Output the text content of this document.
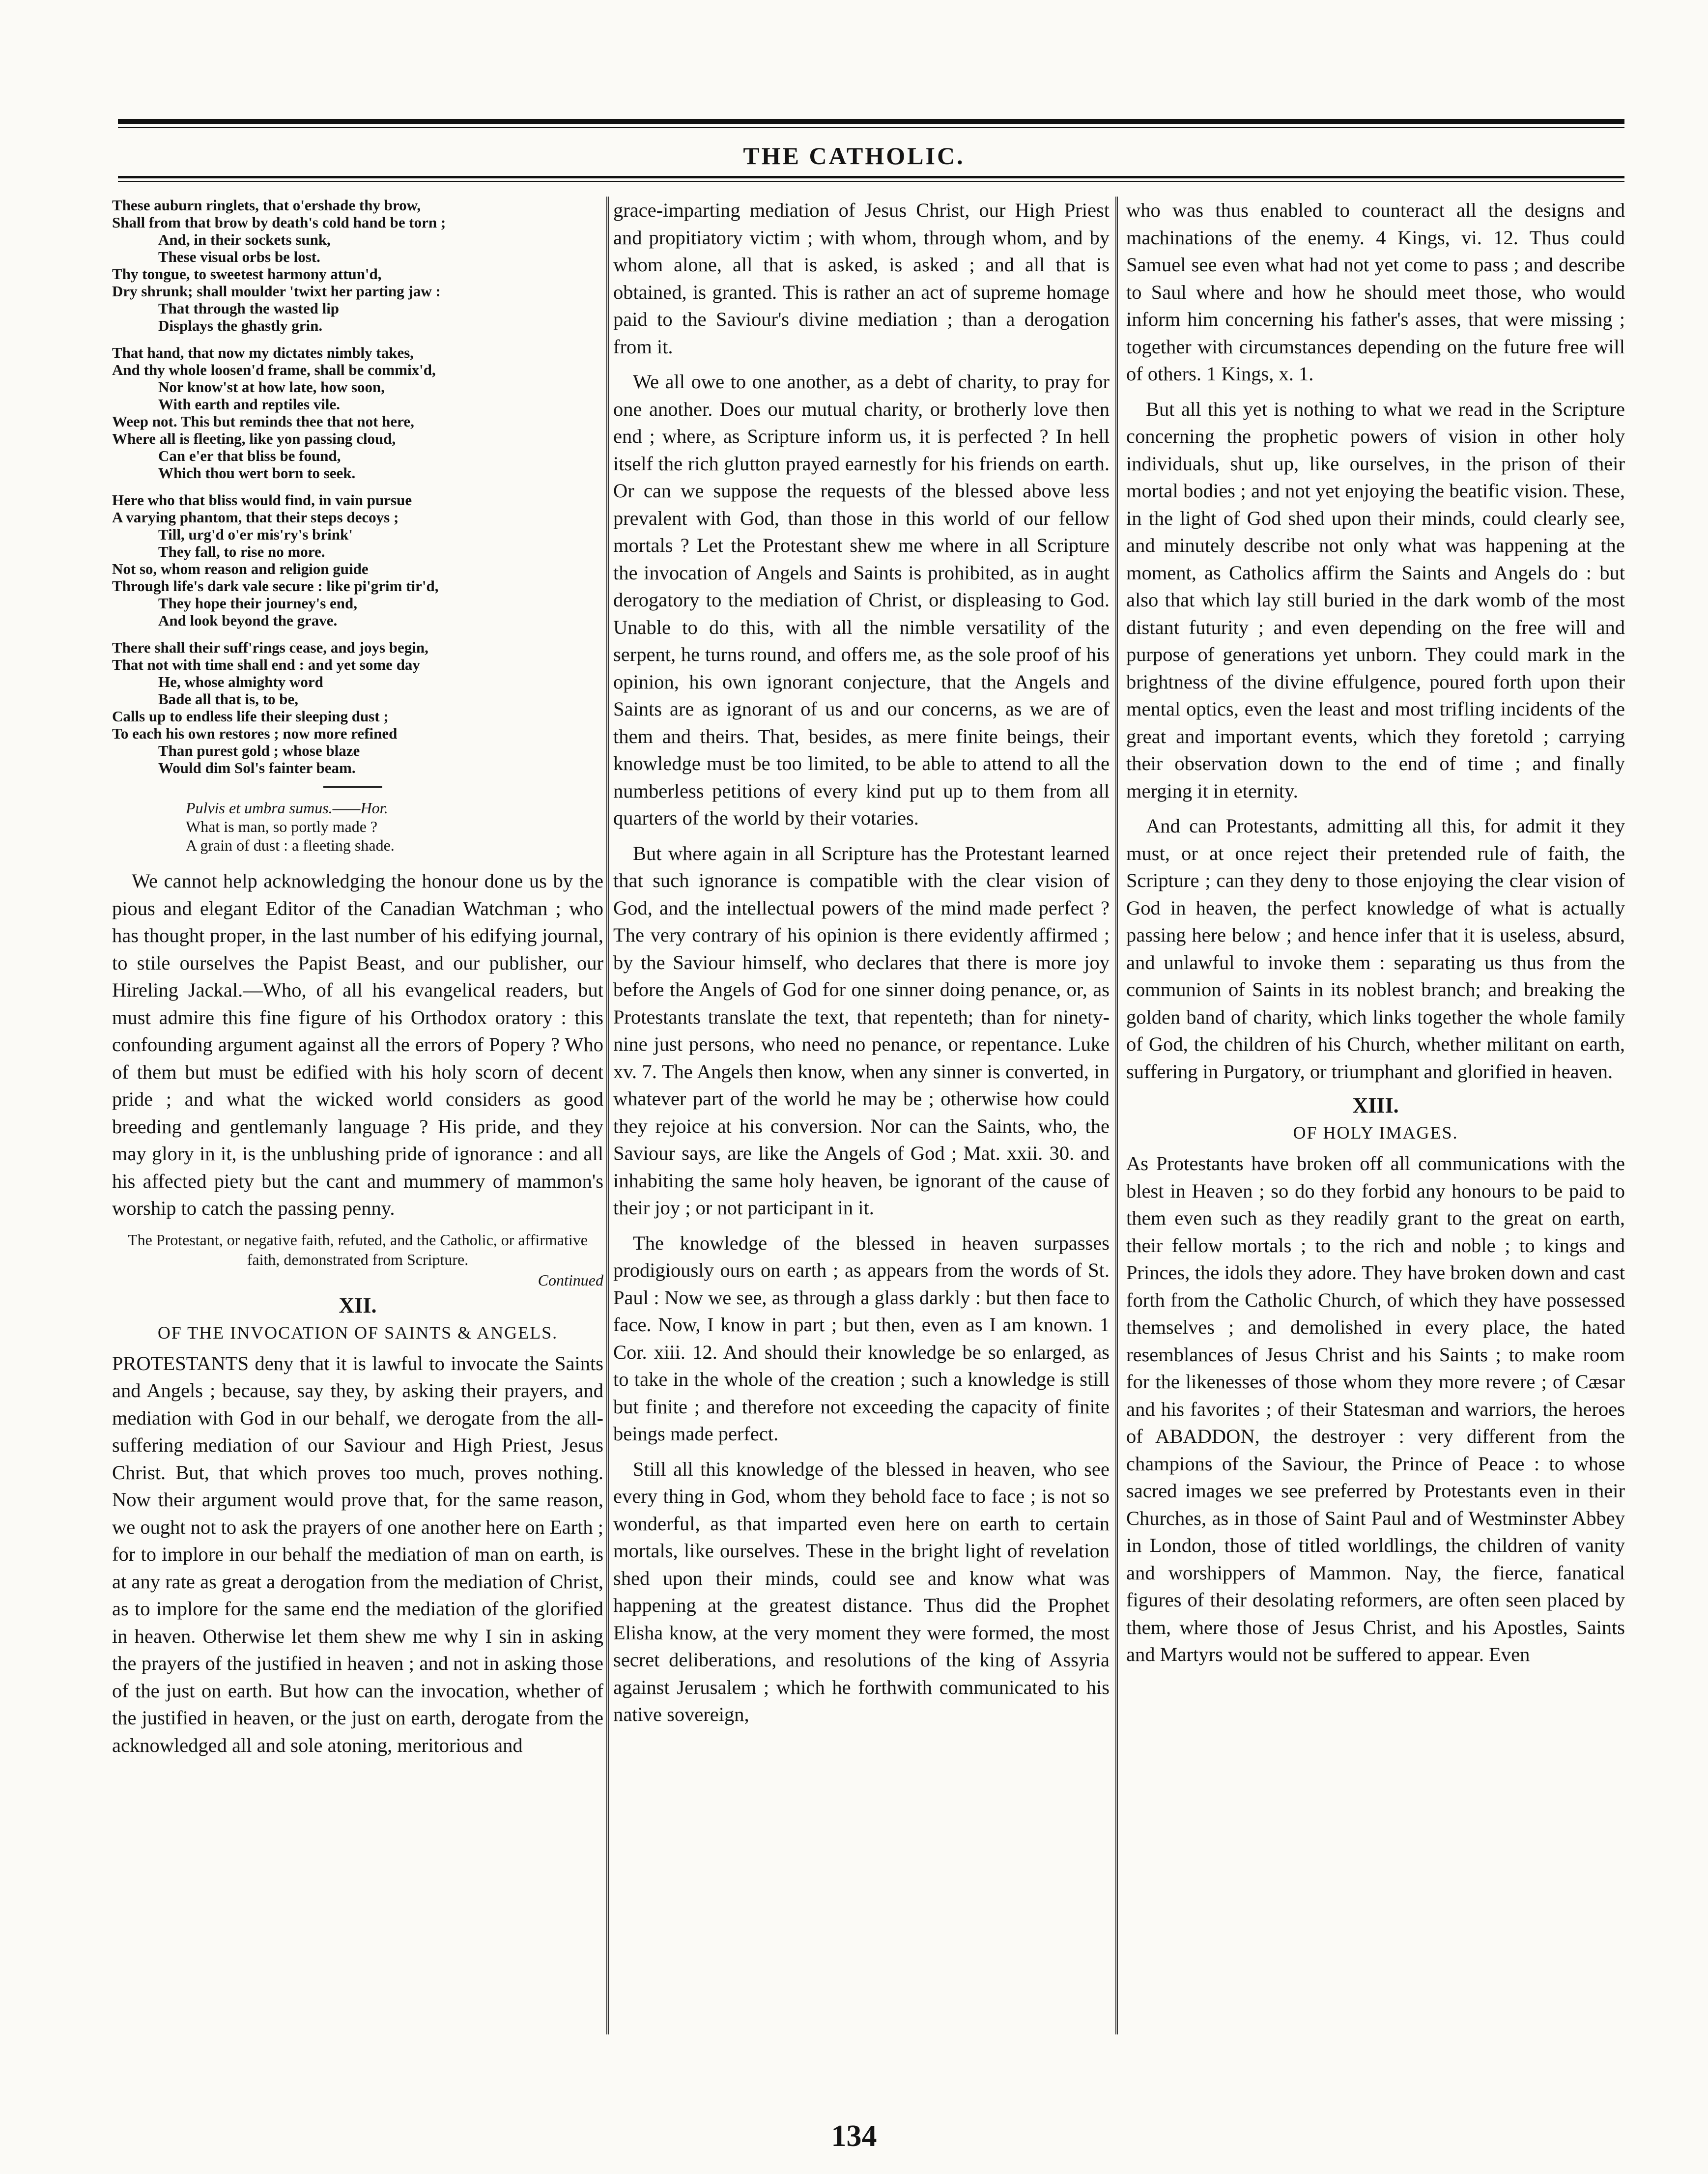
THE CATHOLIC.
These auburn ringlets, that o'ershade thy brow,
Shall from that brow by death's cold hand be torn ;
And, in their sockets sunk,
These visual orbs be lost.
Thy tongue, to sweetest harmony attun'd,
Dry shrunk; shall moulder 'twixt her parting jaw :
That through the wasted lip
Displays the ghastly grin.
That hand, that now my dictates nimbly takes,
And thy whole loosen'd frame, shall be commix'd,
Nor know'st at how late, how soon,
With earth and reptiles vile.
Weep not. This but reminds thee that not here,
Where all is fleeting, like yon passing cloud,
Can e'er that bliss be found,
Which thou wert born to seek.
Here who that bliss would find, in vain pursue
A varying phantom, that their steps decoys ;
Till, urg'd o'er mis'ry's brink'
They fall, to rise no more.
Not so, whom reason and religion guide
Through life's dark vale secure : like pi'grim tir'd,
They hope their journey's end,
And look beyond the grave.
There shall their suff'rings cease, and joys begin,
That not with time shall end : and yet some day
He, whose almighty word
Bade all that is, to be,
Calls up to endless life their sleeping dust ;
To each his own restores ; now more refined
Than purest gold ; whose blaze
Would dim Sol's fainter beam.
Pulvis et umbra sumus.——Hor.
What is man, so portly made ?
A grain of dust : a fleeting shade.

We cannot help acknowledging the honour done us by the pious and elegant Editor of the Canadian Watchman ; who has thought proper, in the last number of his edifying journal, to stile ourselves the Papist Beast, and our publisher, our Hireling Jackal.—Who, of all his evangelical readers, but must admire this fine figure of his Orthodox oratory : this confounding argument against all the errors of Popery ? Who of them but must be edified with his holy scorn of decent pride ; and what the wicked world considers as good breeding and gentlemanly language ? His pride, and they may glory in it, is the unblushing pride of ignorance : and all his affected piety but the cant and mummery of mammon's worship to catch the passing penny.

The Protestant, or negative faith, refuted, and the Catholic, or affirmative faith, demonstrated from Scripture.
Continued
XII.
OF THE INVOCATION OF SAINTS & ANGELS.

PROTESTANTS deny that it is lawful to invocate the Saints and Angels ; because, say they, by asking their prayers, and mediation with God in our behalf, we derogate from the all-suffering mediation of our Saviour and High Priest, Jesus Christ. But, that which proves too much, proves nothing. Now their argument would prove that, for the same reason, we ought not to ask the prayers of one another here on Earth ; for to implore in our behalf the mediation of man on earth, is at any rate as great a derogation from the mediation of Christ, as to implore for the same end the mediation of the glorified in heaven. Otherwise let them shew me why I sin in asking the prayers of the justified in heaven ; and not in asking those of the just on earth. But how can the invocation, whether of the justified in heaven, or the just on earth, derogate from the acknowledged all and sole atoning, meritorious and

grace-imparting mediation of Jesus Christ, our High Priest and propitiatory victim ; with whom, through whom, and by whom alone, all that is asked, is asked ; and all that is obtained, is granted. This is rather an act of supreme homage paid to the Saviour's divine mediation ; than a derogation from it.

We all owe to one another, as a debt of charity, to pray for one another. Does our mutual charity, or brotherly love then end ; where, as Scripture inform us, it is perfected ? In hell itself the rich glutton prayed earnestly for his friends on earth. Or can we suppose the requests of the blessed above less prevalent with God, than those in this world of our fellow mortals ? Let the Protestant shew me where in all Scripture the invocation of Angels and Saints is prohibited, as in aught derogatory to the mediation of Christ, or displeasing to God. Unable to do this, with all the nimble versatility of the serpent, he turns round, and offers me, as the sole proof of his opinion, his own ignorant conjecture, that the Angels and Saints are as ignorant of us and our concerns, as we are of them and theirs. That, besides, as mere finite beings, their knowledge must be too limited, to be able to attend to all the numberless petitions of every kind put up to them from all quarters of the world by their votaries.

But where again in all Scripture has the Protestant learned that such ignorance is compatible with the clear vision of God, and the intellectual powers of the mind made perfect ? The very contrary of his opinion is there evidently affirmed ; by the Saviour himself, who declares that there is more joy before the Angels of God for one sinner doing penance, or, as Protestants translate the text, that repenteth; than for ninety-nine just persons, who need no penance, or repentance. Luke xv. 7. The Angels then know, when any sinner is converted, in whatever part of the world he may be ; otherwise how could they rejoice at his conversion. Nor can the Saints, who, the Saviour says, are like the Angels of God ; Mat. xxii. 30. and inhabiting the same holy heaven, be ignorant of the cause of their joy ; or not participant in it.

The knowledge of the blessed in heaven surpasses prodigiously ours on earth ; as appears from the words of St. Paul : Now we see, as through a glass darkly : but then face to face. Now, I know in part ; but then, even as I am known. 1 Cor. xiii. 12. And should their knowledge be so enlarged, as to take in the whole of the creation ; such a knowledge is still but finite ; and therefore not exceeding the capacity of finite beings made perfect.

Still all this knowledge of the blessed in heaven, who see every thing in God, whom they behold face to face ; is not so wonderful, as that imparted even here on earth to certain mortals, like ourselves. These in the bright light of revelation shed upon their minds, could see and know what was happening at the greatest distance. Thus did the Prophet Elisha know, at the very moment they were formed, the most secret deliberations, and resolutions of the king of Assyria against Jerusalem ; which he forthwith communicated to his native sovereign,

who was thus enabled to counteract all the designs and machinations of the enemy. 4 Kings, vi. 12. Thus could Samuel see even what had not yet come to pass ; and describe to Saul where and how he should meet those, who would inform him concerning his father's asses, that were missing ; together with circumstances depending on the future free will of others. 1 Kings, x. 1.

But all this yet is nothing to what we read in the Scripture concerning the prophetic powers of vision in other holy individuals, shut up, like ourselves, in the prison of their mortal bodies ; and not yet enjoying the beatific vision. These, in the light of God shed upon their minds, could clearly see, and minutely describe not only what was happening at the moment, as Catholics affirm the Saints and Angels do : but also that which lay still buried in the dark womb of the most distant futurity ; and even depending on the free will and purpose of generations yet unborn. They could mark in the brightness of the divine effulgence, poured forth upon their mental optics, even the least and most trifling incidents of the great and important events, which they foretold ; carrying their observation down to the end of time ; and finally merging it in eternity.

And can Protestants, admitting all this, for admit it they must, or at once reject their pretended rule of faith, the Scripture ; can they deny to those enjoying the clear vision of God in heaven, the perfect knowledge of what is actually passing here below ; and hence infer that it is useless, absurd, and unlawful to invoke them : separating us thus from the communion of Saints in its noblest branch; and breaking the golden band of charity, which links together the whole family of God, the children of his Church, whether militant on earth, suffering in Purgatory, or triumphant and glorified in heaven.

XIII.
OF HOLY IMAGES.

As Protestants have broken off all communications with the blest in Heaven ; so do they forbid any honours to be paid to them even such as they readily grant to the great on earth, their fellow mortals ; to the rich and noble ; to kings and Princes, the idols they adore. They have broken down and cast forth from the Catholic Church, of which they have possessed themselves ; and demolished in every place, the hated resemblances of Jesus Christ and his Saints ; to make room for the likenesses of those whom they more revere ; of Cæsar and his favorites ; of their Statesman and warriors, the heroes of ABADDON, the destroyer : very different from the champions of the Saviour, the Prince of Peace : to whose sacred images we see preferred by Protestants even in their Churches, as in those of Saint Paul and of Westminster Abbey in London, those of titled worldlings, the children of vanity and worshippers of Mammon. Nay, the fierce, fanatical figures of their desolating reformers, are often seen placed by them, where those of Jesus Christ, and his Apostles, Saints and Martyrs would not be suffered to appear. Even

134
